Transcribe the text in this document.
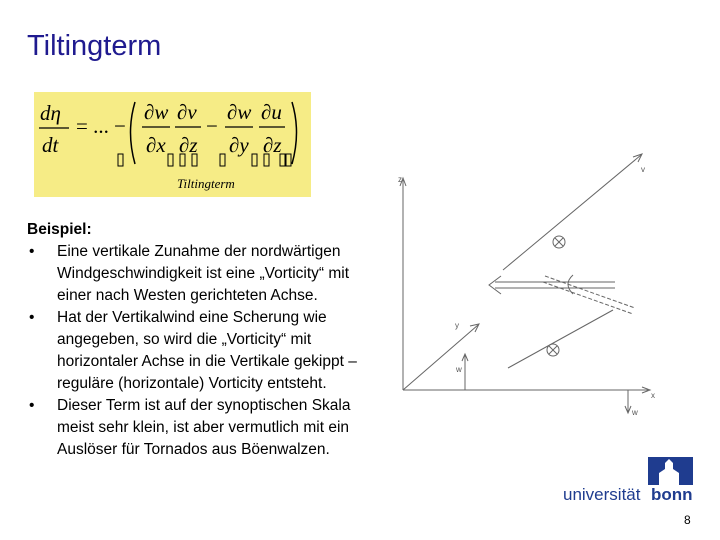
Tiltingterm
dη
dt
= ... −
∂w
∂x
∂v
∂z
−
∂w
∂y
∂u
∂z
Tiltingterm
Beispiel:
• Eine vertikale Zunahme der nordwärtigen Windgeschwindigkeit ist eine „Vorticity“ mit einer nach Westen gerichteten Achse.
• Hat der Vertikalwind eine Scherung wie angegeben, so wird die „Vorticity“ mit horizontaler Achse in die Vertikale gekippt – reguläre (horizontale) Vorticity entsteht.
• Dieser Term ist auf der synoptischen Skala meist sehr klein, ist aber vermutlich mit ein Auslöser für Tornados aus Böenwalzen.
z
y
x
v
w
w
universität bonn
8
